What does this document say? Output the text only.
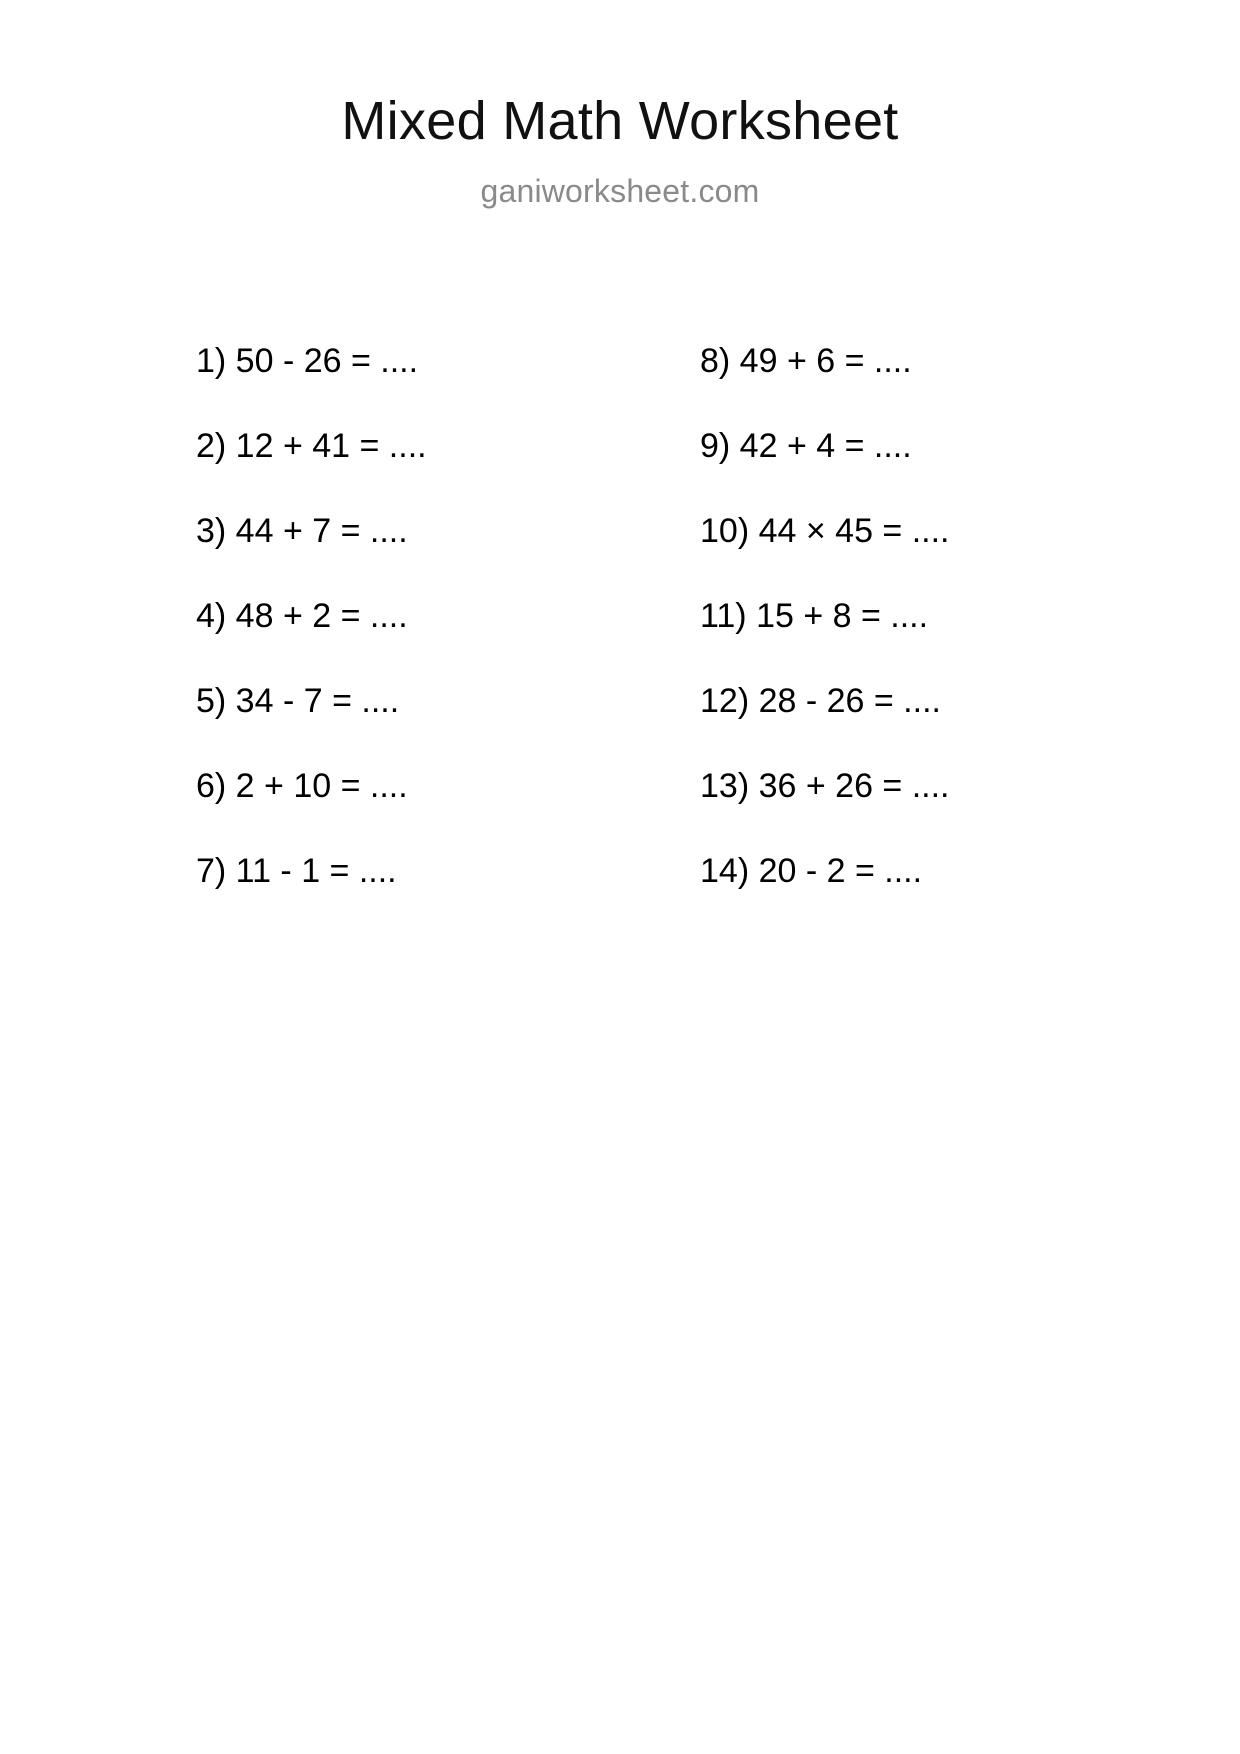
Mixed Math Worksheet
ganiworksheet.com
1) 50 - 26 = ....
2) 12 + 41 = ....
3) 44 + 7 = ....
4) 48 + 2 = ....
5) 34 - 7 = ....
6) 2 + 10 = ....
7) 11 - 1 = ....
8) 49 + 6 = ....
9) 42 + 4 = ....
10) 44 × 45 = ....
11) 15 + 8 = ....
12) 28 - 26 = ....
13) 36 + 26 = ....
14) 20 - 2 = ....
